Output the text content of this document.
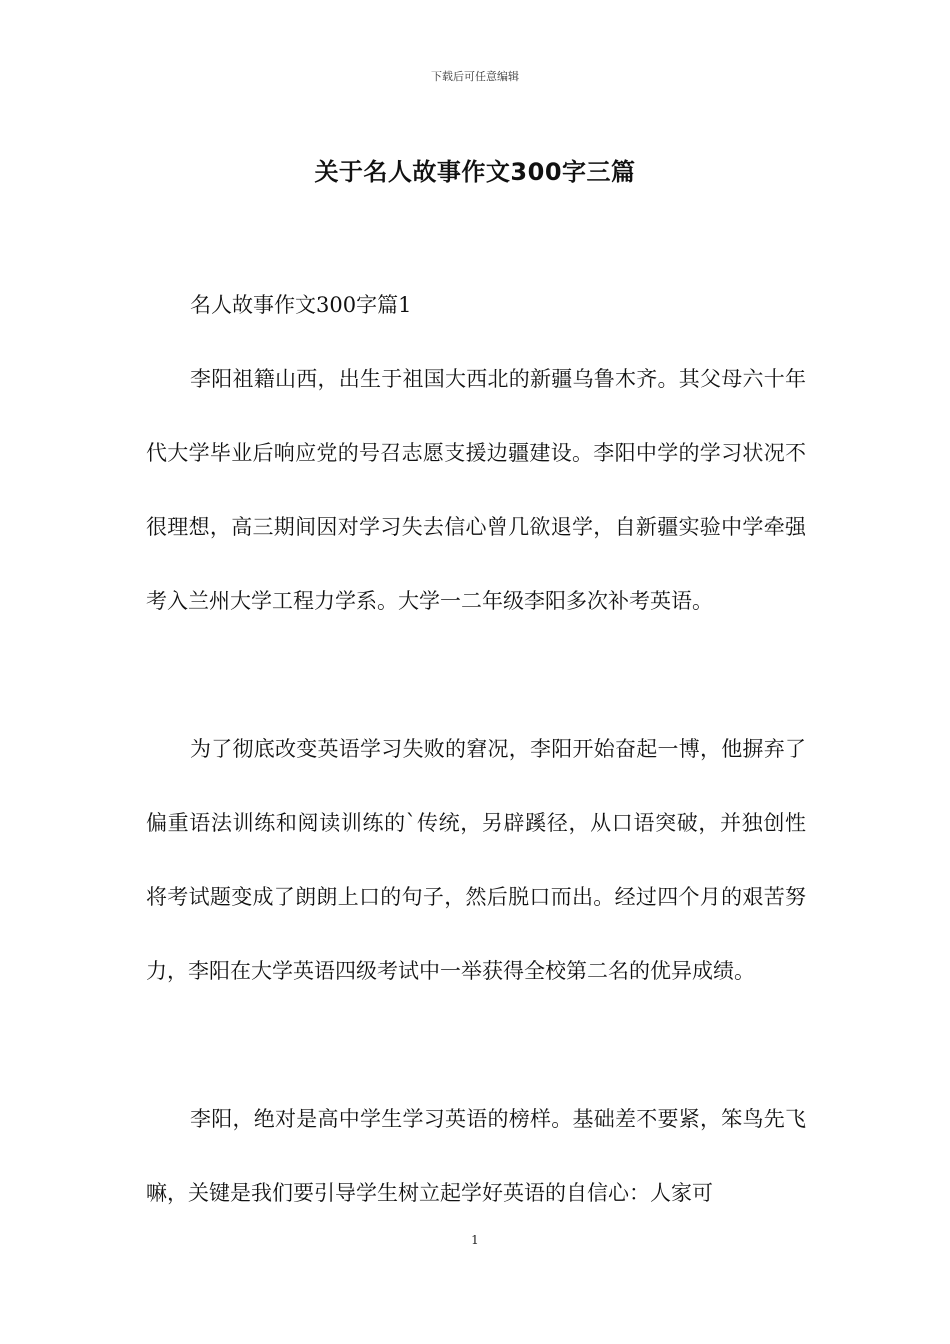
下载后可任意编辑
关于名人故事作文300字三篇

名人故事作文300字篇1

李阳祖籍山西，出生于祖国大西北的新疆乌鲁木齐。其父母六十年代大学毕业后响应党的号召志愿支援边疆建设。李阳中学的学习状况不很理想，高三期间因对学习失去信心曾几欲退学，自新疆实验中学牵强考入兰州大学工程力学系。大学一二年级李阳多次补考英语。

为了彻底改变英语学习失败的窘况，李阳开始奋起一博，他摒弃了偏重语法训练和阅读训练的`传统，另辟蹊径，从口语突破，并独创性将考试题变成了朗朗上口的句子，然后脱口而出。经过四个月的艰苦努力，李阳在大学英语四级考试中一举获得全校第二名的优异成绩。

李阳，绝对是高中学生学习英语的榜样。基础差不要紧，笨鸟先飞嘛，关键是我们要引导学生树立起学好英语的自信心：人家可

1
